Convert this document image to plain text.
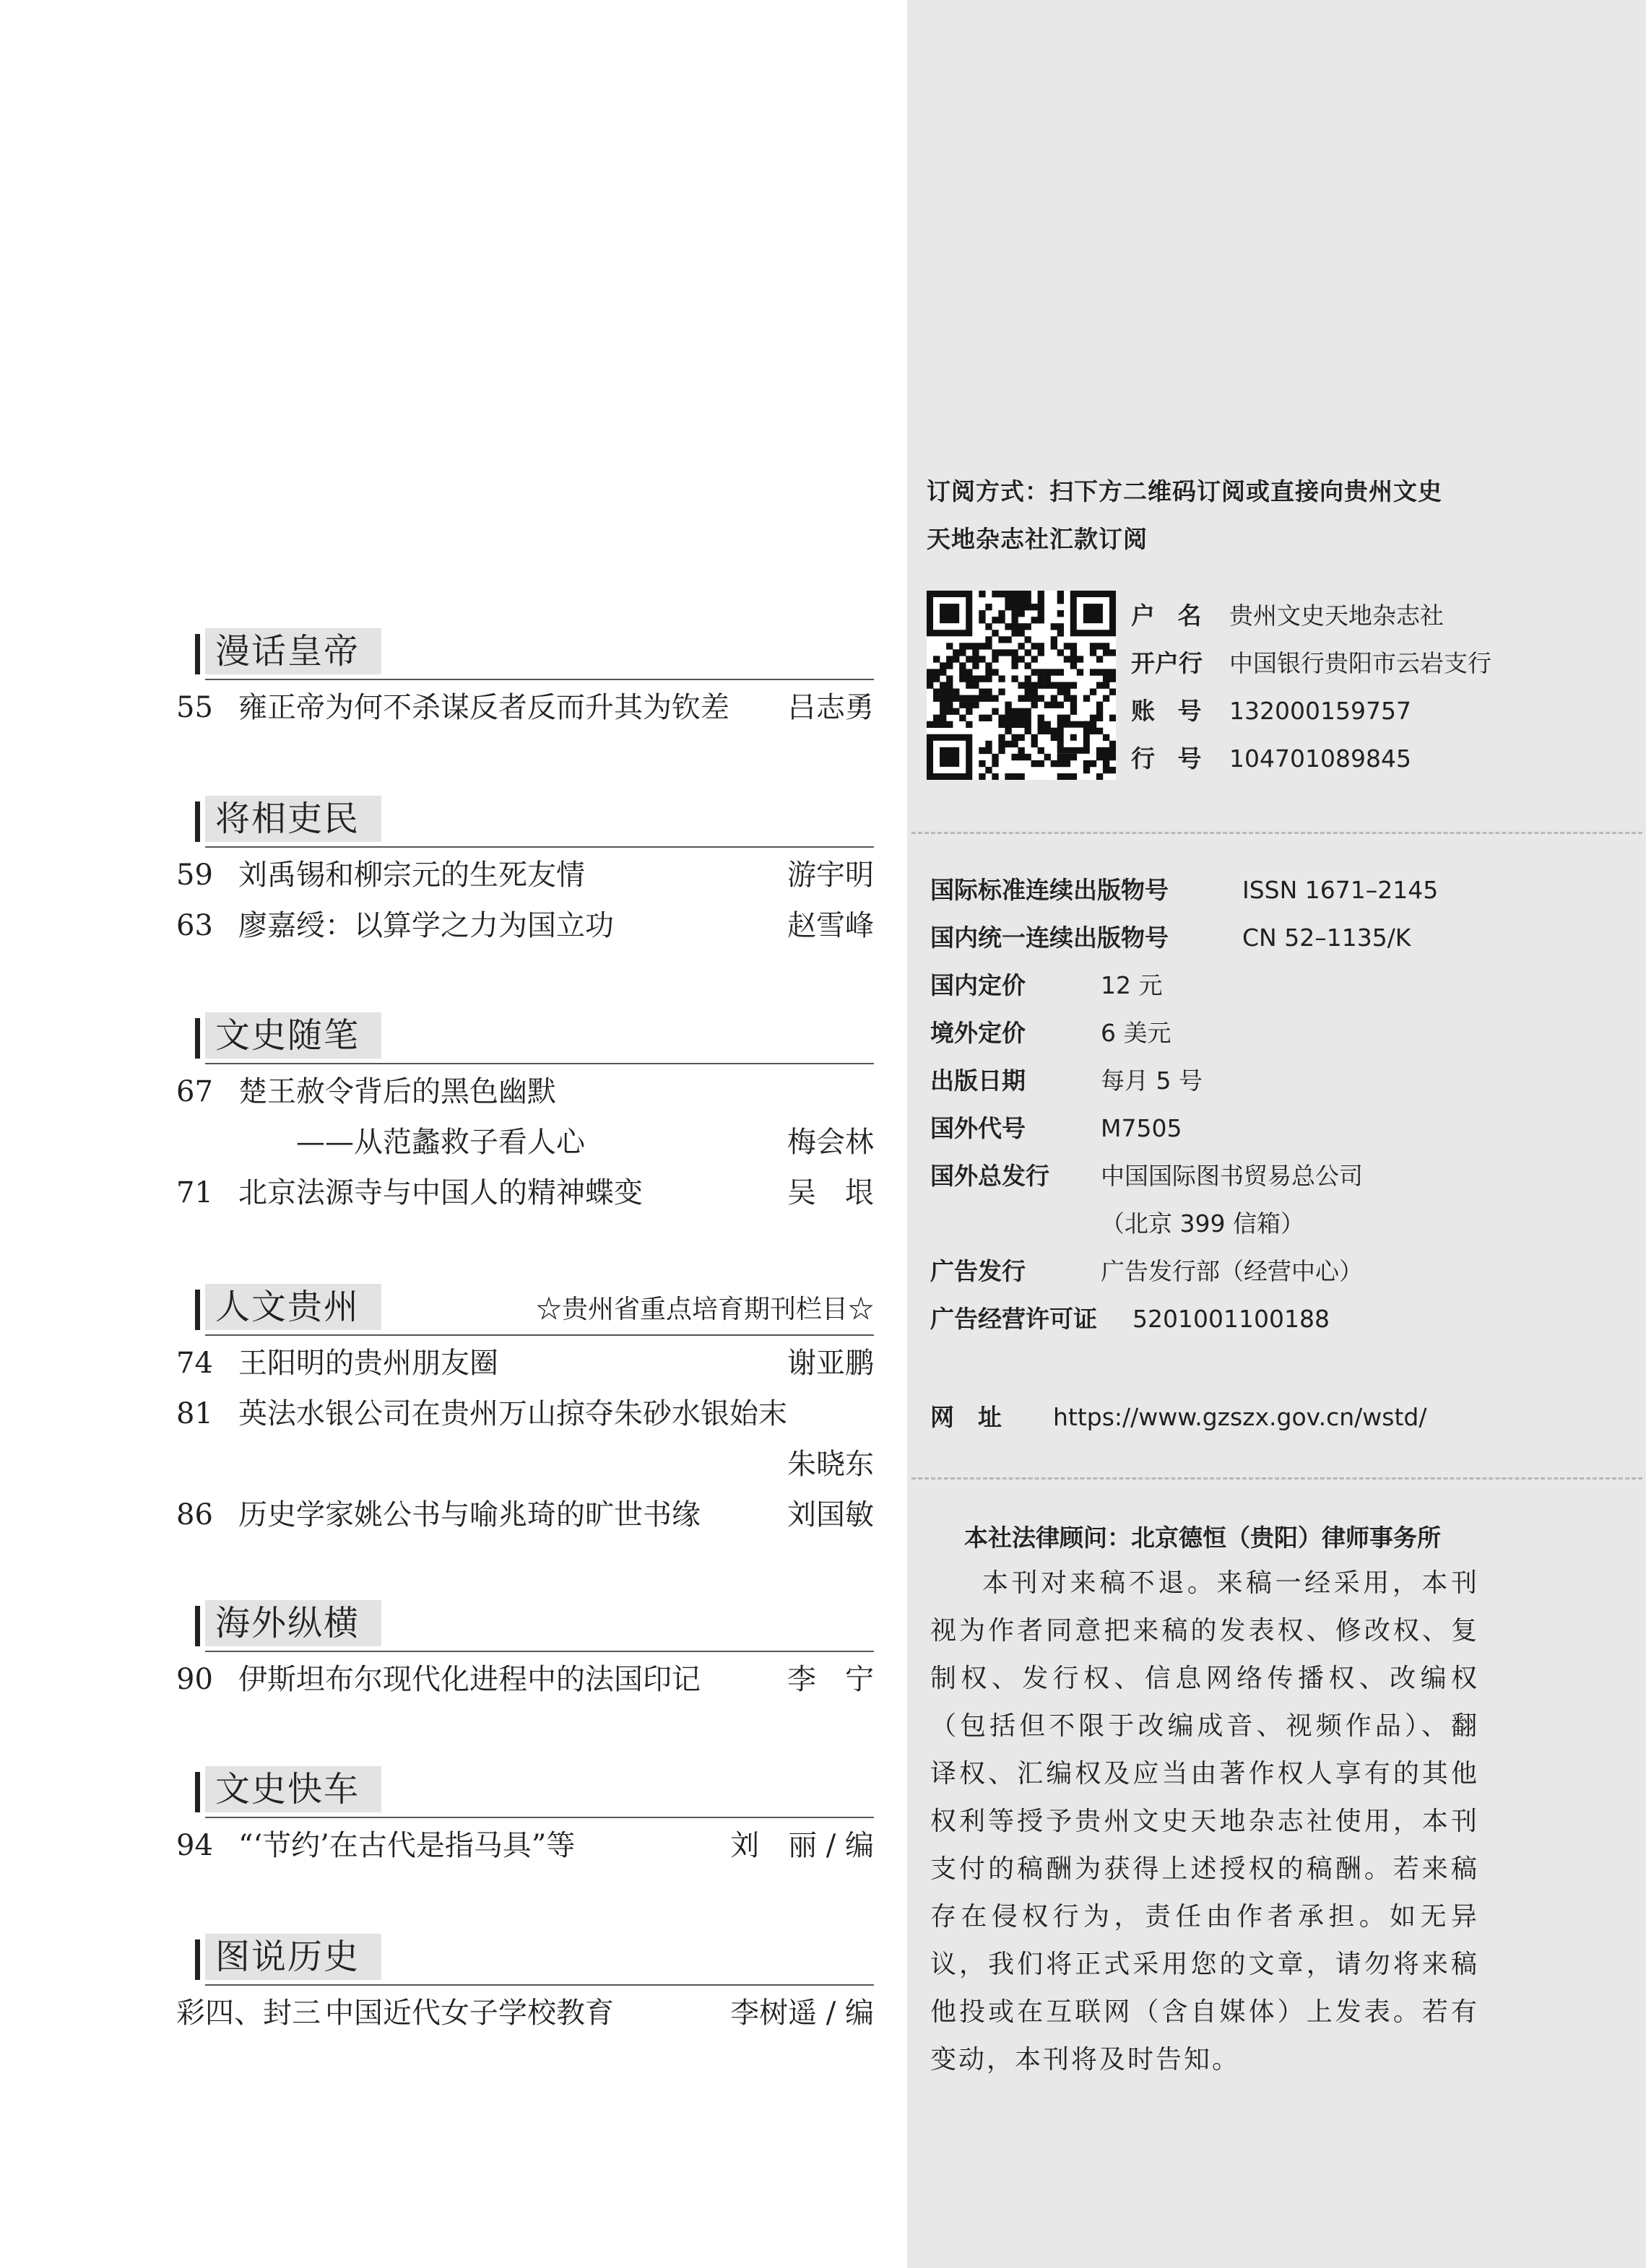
漫话皇帝
55 雍正帝为何不杀谋反者反而升其为钦差 吕志勇
将相吏民
59 刘禹锡和柳宗元的生死友情	游宇明
63 廖嘉绶：以算学之力为国立功	赵雪峰
文史随笔
67 楚王赦令背后的黑色幽默
——从范蠡救子看人心	梅会林
71 北京法源寺与中国人的精神蝶变	吴　垠
人文贵州	☆贵州省重点培育期刊栏目☆
74 王阳明的贵州朋友圈	谢亚鹏
81 英法水银公司在贵州万山掠夺朱砂水银始末
朱晓东
86 历史学家姚公书与喻兆琦的旷世书缘	刘国敏
海外纵横
90 伊斯坦布尔现代化进程中的法国印记	李　宁
文史快车
94 “‘节约’在古代是指马具”等	刘　丽 / 编
图说历史
彩四、封三 中国近代女子学校教育	李树遥 / 编
订阅方式：扫下方二维码订阅或直接向贵州文史
天地杂志社汇款订阅
户 名 贵州文史天地杂志社
开户行	中国银行贵阳市云岩支行
账 号 132000159757
行 号 104701089845
国际标准连续出版物号	ISSN 1671–2145
国内统一连续出版物号	CN 52–1135/K
国内定价	12 元
境外定价	6 美元
出版日期	每月 5 号
国外代号	M7505
国外总发行 中国国际图书贸易总公司
（北京 399 信箱）
广告发行	广告发行部（经营中心）
广告经营许可证 5201001100188
网　址 https://www.gzszx.gov.cn/wstd/
本社法律顾问：北京德恒（贵阳）律师事务所
本刊对来稿不退。来稿一经采用，本刊视为作者同意把来稿的发表权、修改权、复制权、发行权、信息网络传播权、改编权（包括但不限于改编成音、视频作品）、翻译权、汇编权及应当由著作权人享有的其他权利等授予贵州文史天地杂志社使用，本刊支付的稿酬为获得上述授权的稿酬。若来稿存在侵权行为，责任由作者承担。如无异议，我们将正式采用您的文章，请勿将来稿他投或在互联网（含自媒体）上发表。若有变动，本刊将及时告知。
